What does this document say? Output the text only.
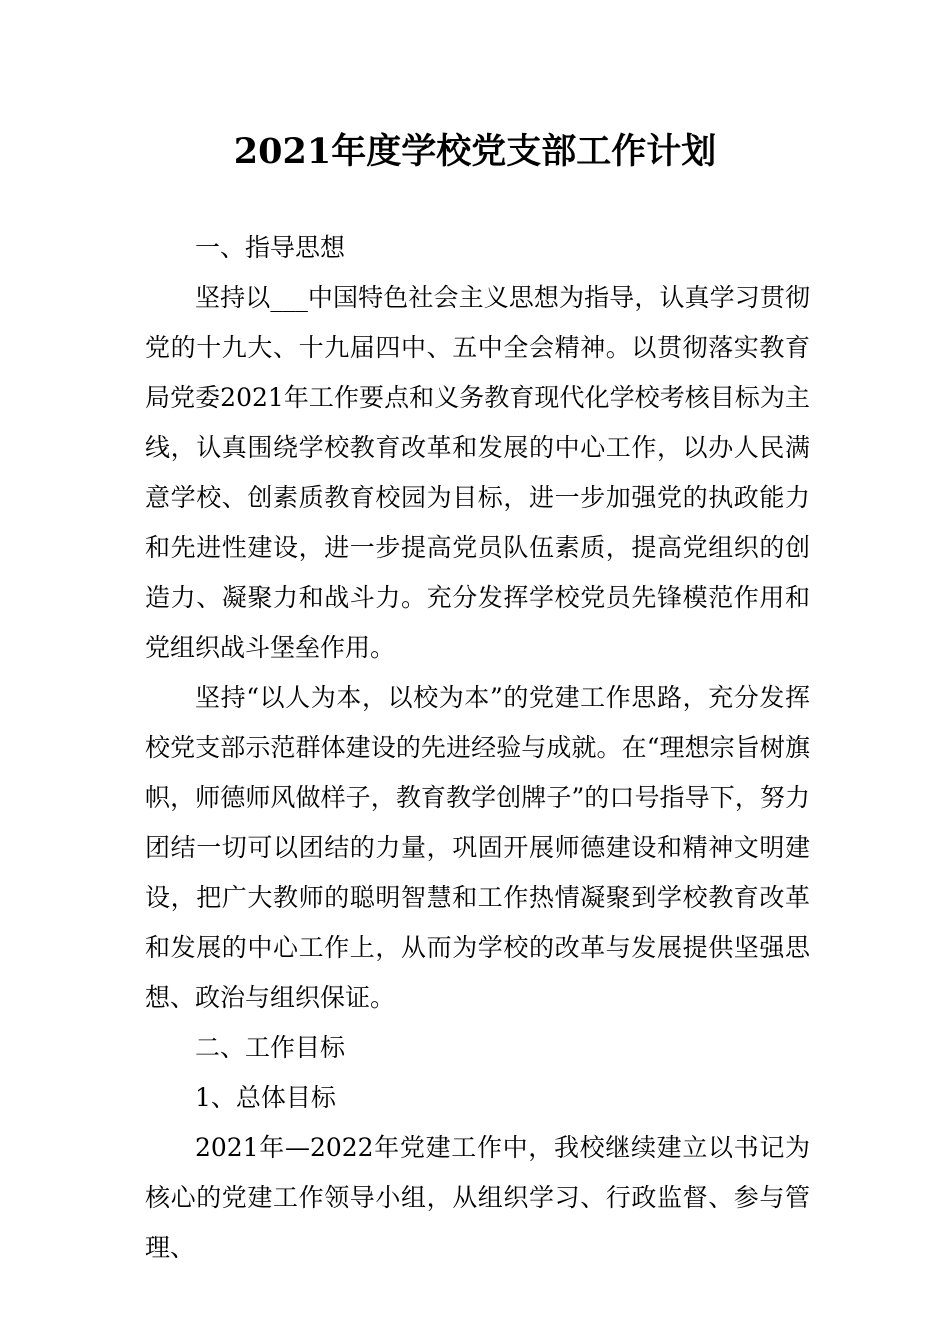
2021年度学校党支部工作计划

一、指导思想

坚持以___中国特色社会主义思想为指导，认真学习贯彻党的十九大、十九届四中、五中全会精神。以贯彻落实教育局党委2021年工作要点和义务教育现代化学校考核目标为主线，认真围绕学校教育改革和发展的中心工作，以办人民满意学校、创素质教育校园为目标，进一步加强党的执政能力和先进性建设，进一步提高党员队伍素质，提高党组织的创造力、凝聚力和战斗力。充分发挥学校党员先锋模范作用和党组织战斗堡垒作用。

坚持“以人为本，以校为本”的党建工作思路，充分发挥校党支部示范群体建设的先进经验与成就。在“理想宗旨树旗帜，师德师风做样子，教育教学创牌子”的口号指导下，努力团结一切可以团结的力量，巩固开展师德建设和精神文明建设，把广大教师的聪明智慧和工作热情凝聚到学校教育改革和发展的中心工作上，从而为学校的改革与发展提供坚强思想、政治与组织保证。

二、工作目标

1、总体目标

2021年—2022年党建工作中，我校继续建立以书记为核心的党建工作领导小组，从组织学习、行政监督、参与管理、
